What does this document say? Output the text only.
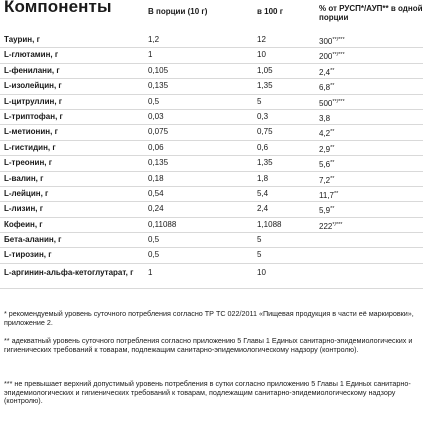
Компоненты	В порции (10 г)	в 100 г	% от РУСП*/АУП** в одной порции
Таурин, г	1,2	12	300**/***
L-глютамин, г	1	10	200**/***
L-фенилани, г	0,105	1,05	2,4**
L-изолейцин, г	0,135	1,35	6,8**
L-цитруллин, г	0,5	5	500**/***
L-триптофан, г	0,03	0,3	3,8
L-метионин, г	0,075	0,75	4,2**
L-гистидин, г	0,06	0,6	2,9**
L-треонин, г	0,135	1,35	5,6**
L-валин, г	0,18	1,8	7,2**
L-лейцин, г	0,54	5,4	11,7**
L-лизин, г	0,24	2,4	5,9**
Кофеин, г	0,11088	1,1088	222*/***
Бета-аланин, г	0,5	5
L-тирозин, г	0,5	5
L-аргинин-альфа-кетоглутарат, г	1	10
* рекомендуемый уровень суточного потребления согласно ТР ТС 022/2011 «Пищевая продукция в части её маркировки», приложение 2.
** адекватный уровень суточного потребления согласно приложению 5 Главы 1 Единых санитарно-эпидемиологических и гигиенических требований к товарам, подлежащим санитарно-эпидемиологическому надзору (контролю).
*** не превышает верхний допустимый уровень потребления в сутки согласно приложению 5 Главы 1 Единых санитарно-эпидемиологических и гигиенических требований к товарам, подлежащим санитарно-эпидемиологическому надзору (контролю).
